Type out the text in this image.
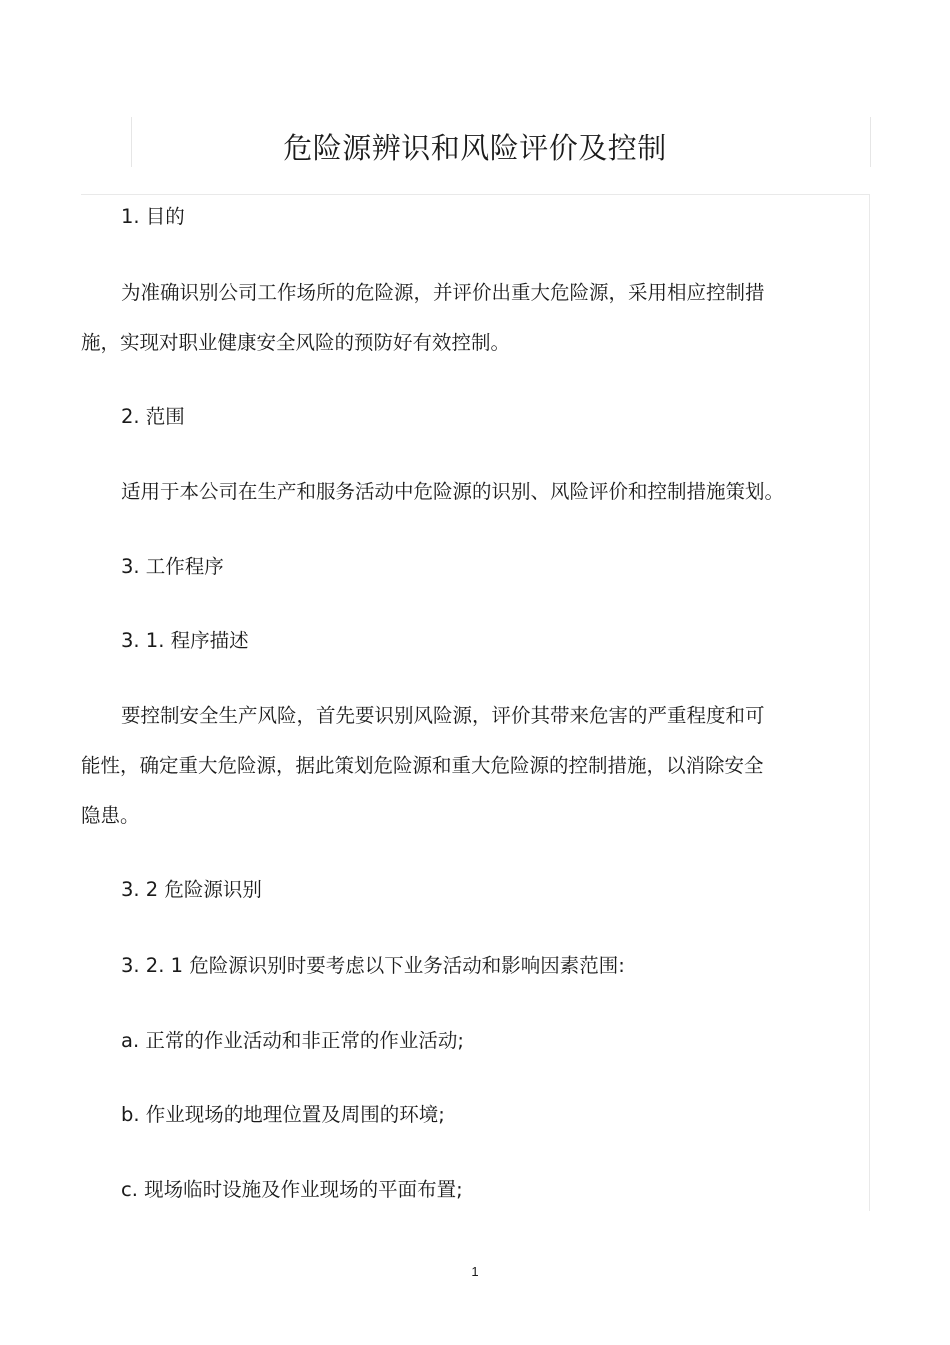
危险源辨识和风险评价及控制
1. 目的
为准确识别公司工作场所的危险源，并评价出重大危险源，采用相应控制措
施，实现对职业健康安全风险的预防好有效控制。
2. 范围
适用于本公司在生产和服务活动中危险源的识别、风险评价和控制措施策划。
3. 工作程序
3. 1. 程序描述
要控制安全生产风险，首先要识别风险源，评价其带来危害的严重程度和可
能性，确定重大危险源，据此策划危险源和重大危险源的控制措施，以消除安全
隐患。
3. 2 危险源识别
3. 2. 1 危险源识别时要考虑以下业务活动和影响因素范围:
a. 正常的作业活动和非正常的作业活动;
b. 作业现场的地理位置及周围的环境;
c. 现场临时设施及作业现场的平面布置;
1
